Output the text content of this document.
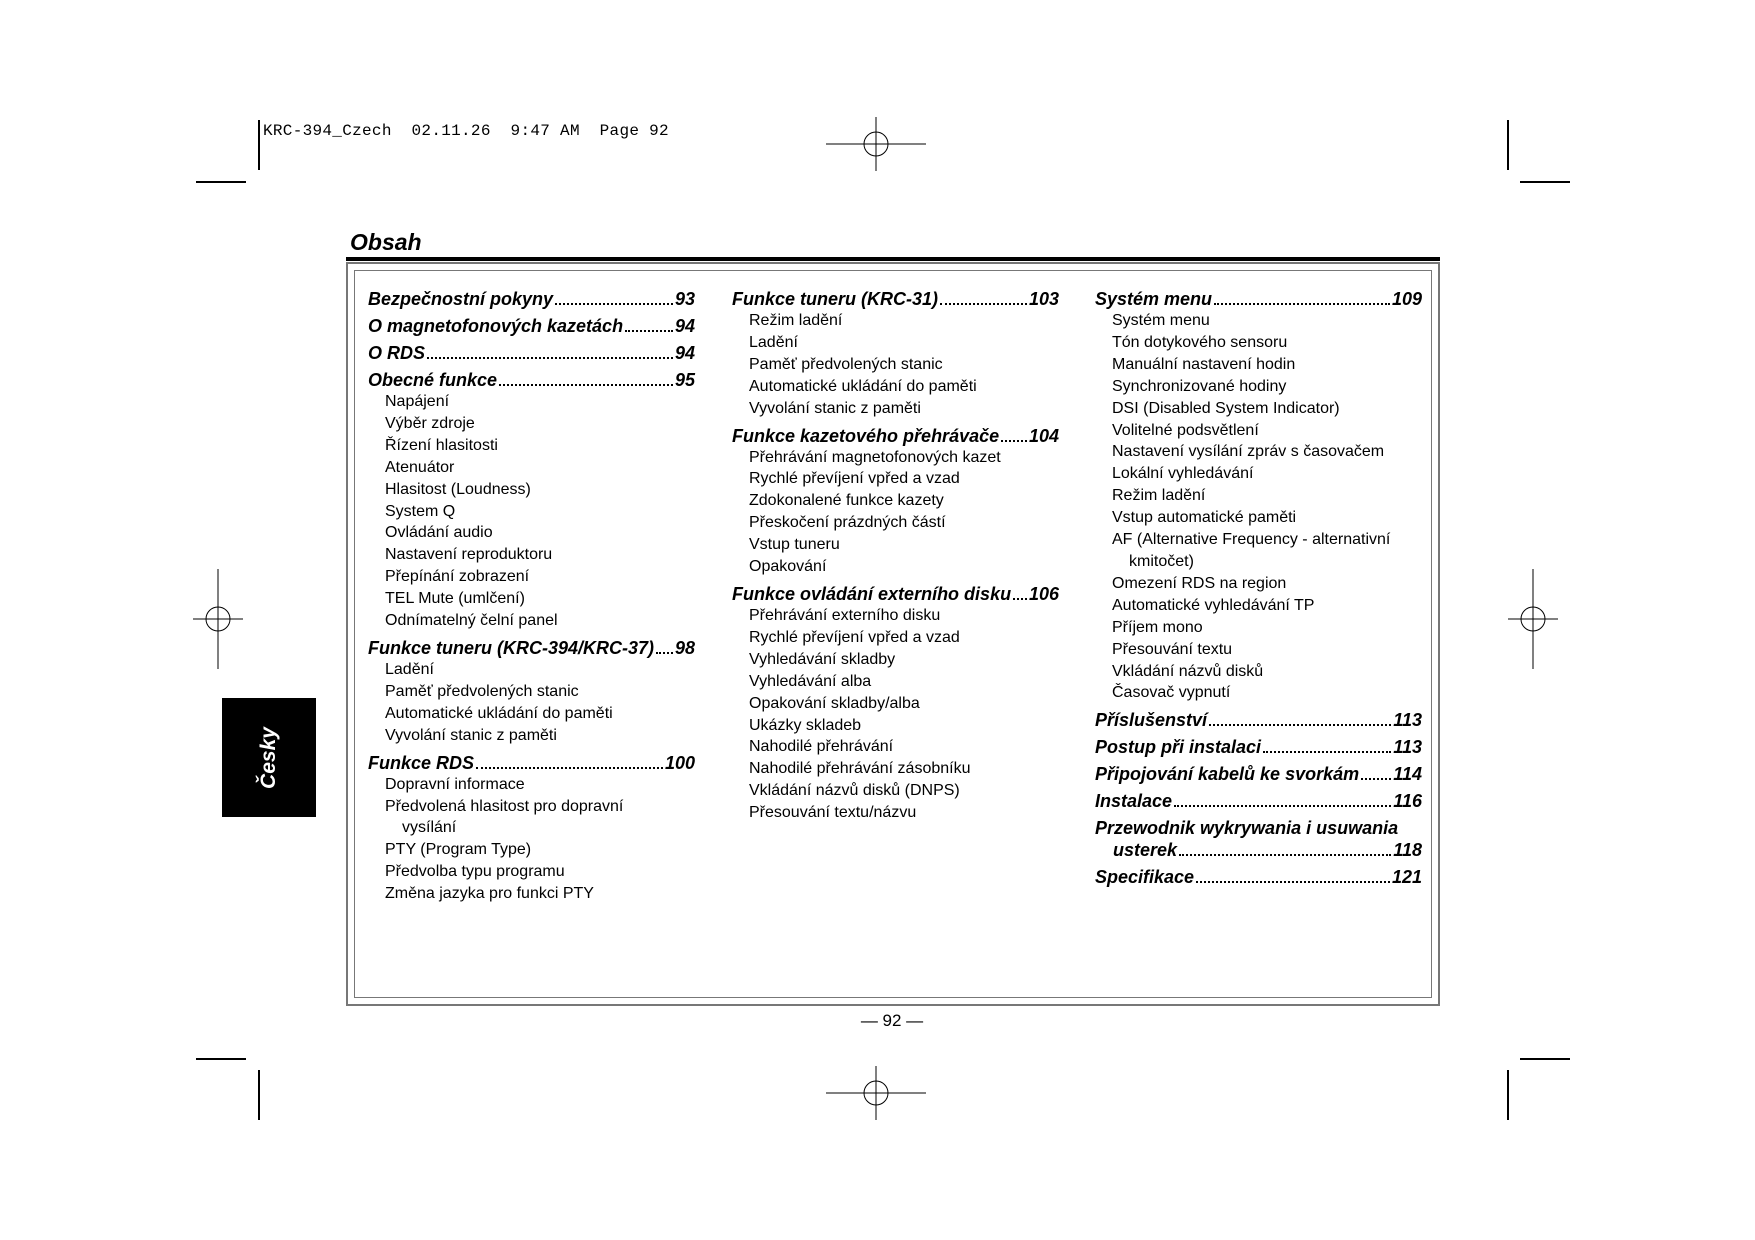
KRC-394_Czech  02.11.26  9:47 AM  Page 92
Obsah
Bezpečnostní pokyny	93
O magnetofonových kazetách	94
O RDS	94
Obecné funkce	95
Napájení
Výběr zdroje
Řízení hlasitosti
Atenuátor
Hlasitost (Loudness)
System Q
Ovládání audio
Nastavení reproduktoru
Přepínání zobrazení
TEL Mute (umlčení)
Odnímatelný čelní panel
Funkce tuneru (KRC-394/KRC-37) 98
Ladění
Paměť předvolených stanic
Automatické ukládání do paměti
Vyvolání stanic z paměti
Funkce RDS	100
Dopravní informace
Předvolená hlasitost pro dopravní
vysílání
PTY (Program Type)
Předvolba typu programu
Změna jazyka pro funkci PTY
Funkce tuneru (KRC-31)	103
Režim ladění
Ladění
Paměť předvolených stanic
Automatické ukládání do paměti
Vyvolání stanic z paměti
Funkce kazetového přehrávače 104
Přehrávání magnetofonových kazet
Rychlé převíjení vpřed a vzad
Zdokonalené funkce kazety
Přeskočení prázdných částí
Vstup tuneru
Opakování
Funkce ovládání externího disku 106
Přehrávání externího disku
Rychlé převíjení vpřed a vzad
Vyhledávání skladby
Vyhledávání alba
Opakování skladby/alba
Ukázky skladeb
Nahodilé přehrávání
Nahodilé přehrávání zásobníku
Vkládání názvů disků (DNPS)
Přesouvání textu/názvu
Systém menu	109
Systém menu
Tón dotykového sensoru
Manuální nastavení hodin
Synchronizované hodiny
DSI (Disabled System Indicator)
Volitelné podsvětlení
Nastavení vysílání zpráv s časovačem
Lokální vyhledávání
Režim ladění
Vstup automatické paměti
AF (Alternative Frequency - alternativní
kmitočet)
Omezení RDS na region
Automatické vyhledávání TP
Příjem mono
Přesouvání textu
Vkládání názvů disků
Časovač vypnutí
Příslušenství	113
Postup při instalaci	113
Připojování kabelů ke svorkám 114
Instalace	116
Przewodnik wykrywania i usuwania
usterek	118
Specifikace	121
Česky
— 92 —
